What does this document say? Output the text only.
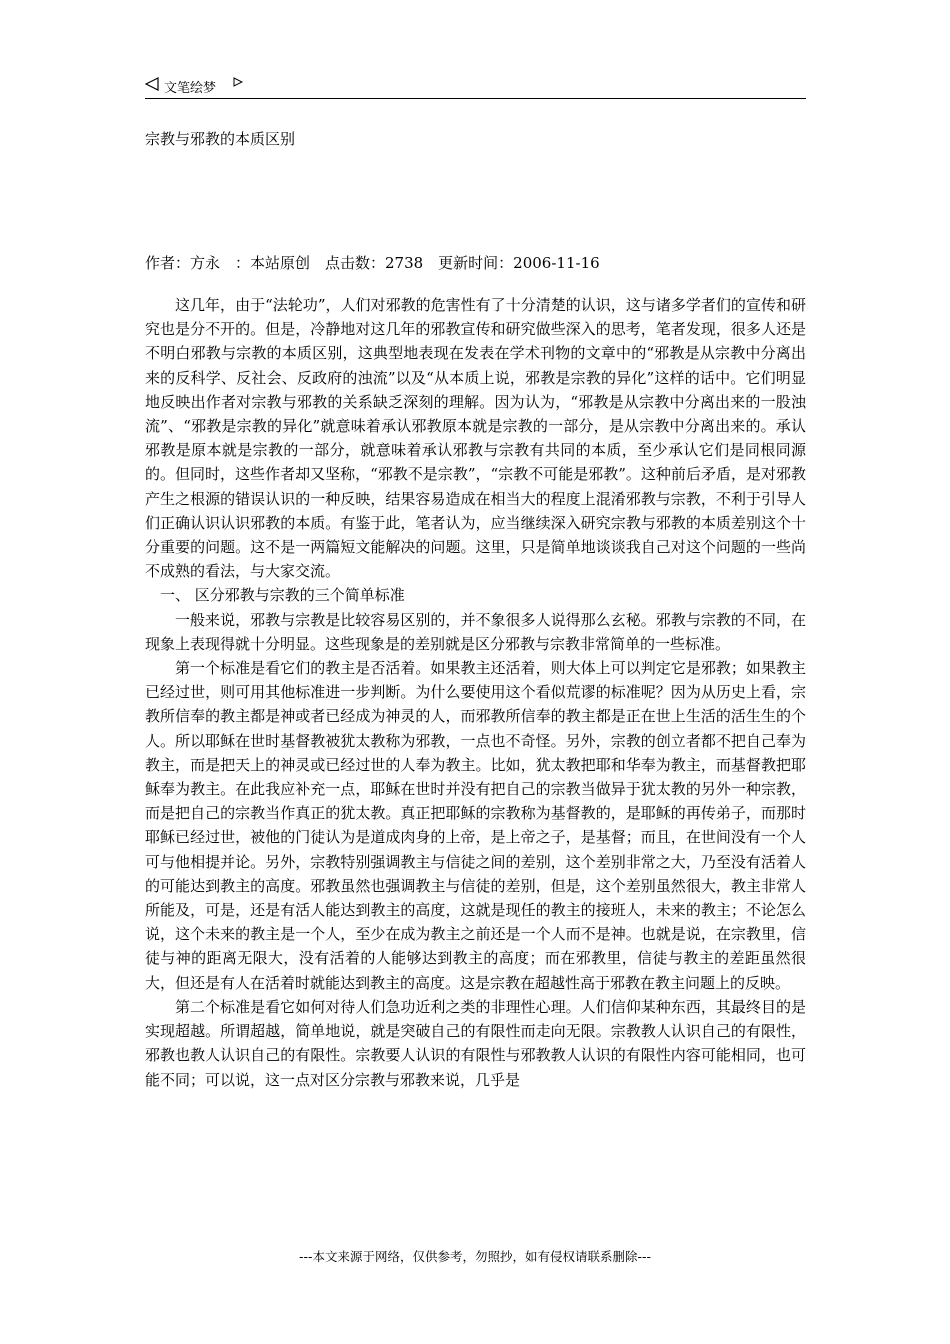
文笔绘梦
宗教与邪教的本质区别
作者：方永　：本站原创　点击数：2738　更新时间：2006-11-16

这几年，由于“法轮功”，人们对邪教的危害性有了十分清楚的认识，这与诸多学者们的宣传和研究也是分不开的。但是，冷静地对这几年的邪教宣传和研究做些深入的思考，笔者发现，很多人还是不明白邪教与宗教的本质区别，这典型地表现在发表在学术刊物的文章中的“邪教是从宗教中分离出来的反科学、反社会、反政府的浊流”以及“从本质上说，邪教是宗教的异化”这样的话中。它们明显地反映出作者对宗教与邪教的关系缺乏深刻的理解。因为认为，“邪教是从宗教中分离出来的一股浊流”、“邪教是宗教的异化”就意味着承认邪教原本就是宗教的一部分，是从宗教中分离出来的。承认邪教是原本就是宗教的一部分，就意味着承认邪教与宗教有共同的本质，至少承认它们是同根同源的。但同时，这些作者却又坚称，“邪教不是宗教”，“宗教不可能是邪教”。这种前后矛盾，是对邪教产生之根源的错误认识的一种反映，结果容易造成在相当大的程度上混淆邪教与宗教，不利于引导人们正确认识认识邪教的本质。有鉴于此，笔者认为，应当继续深入研究宗教与邪教的本质差别这个十分重要的问题。这不是一两篇短文能解决的问题。这里，只是简单地谈谈我自己对这个问题的一些尚不成熟的看法，与大家交流。

一、 区分邪教与宗教的三个简单标准

一般来说，邪教与宗教是比较容易区别的，并不象很多人说得那么玄秘。邪教与宗教的不同，在现象上表现得就十分明显。这些现象是的差别就是区分邪教与宗教非常简单的一些标准。

第一个标准是看它们的教主是否活着。如果教主还活着，则大体上可以判定它是邪教；如果教主已经过世，则可用其他标准进一步判断。为什么要使用这个看似荒谬的标准呢？因为从历史上看，宗教所信奉的教主都是神或者已经成为神灵的人，而邪教所信奉的教主都是正在世上生活的活生生的个人。所以耶稣在世时基督教被犹太教称为邪教，一点也不奇怪。另外，宗教的创立者都不把自己奉为教主，而是把天上的神灵或已经过世的人奉为教主。比如，犹太教把耶和华奉为教主，而基督教把耶稣奉为教主。在此我应补充一点，耶稣在世时并没有把自己的宗教当做异于犹太教的另外一种宗教，而是把自己的宗教当作真正的犹太教。真正把耶稣的宗教称为基督教的，是耶稣的再传弟子，而那时耶稣已经过世，被他的门徒认为是道成肉身的上帝，是上帝之子，是基督；而且，在世间没有一个人可与他相提并论。另外，宗教特别强调教主与信徒之间的差别，这个差别非常之大，乃至没有活着人的可能达到教主的高度。邪教虽然也强调教主与信徒的差别，但是，这个差别虽然很大，教主非常人所能及，可是，还是有活人能达到教主的高度，这就是现任的教主的接班人，未来的教主；不论怎么说，这个未来的教主是一个人，至少在成为教主之前还是一个人而不是神。也就是说，在宗教里，信徒与神的距离无限大，没有活着的人能够达到教主的高度；而在邪教里，信徒与教主的差距虽然很大，但还是有人在活着时就能达到教主的高度。这是宗教在超越性高于邪教在教主问题上的反映。

第二个标准是看它如何对待人们急功近利之类的非理性心理。人们信仰某种东西，其最终目的是实现超越。所谓超越，简单地说，就是突破自己的有限性而走向无限。宗教教人认识自己的有限性，邪教也教人认识自己的有限性。宗教要人认识的有限性与邪教教人认识的有限性内容可能相同，也可能不同；可以说，这一点对区分宗教与邪教来说，几乎是

---本文来源于网络，仅供参考，勿照抄，如有侵权请联系删除---
